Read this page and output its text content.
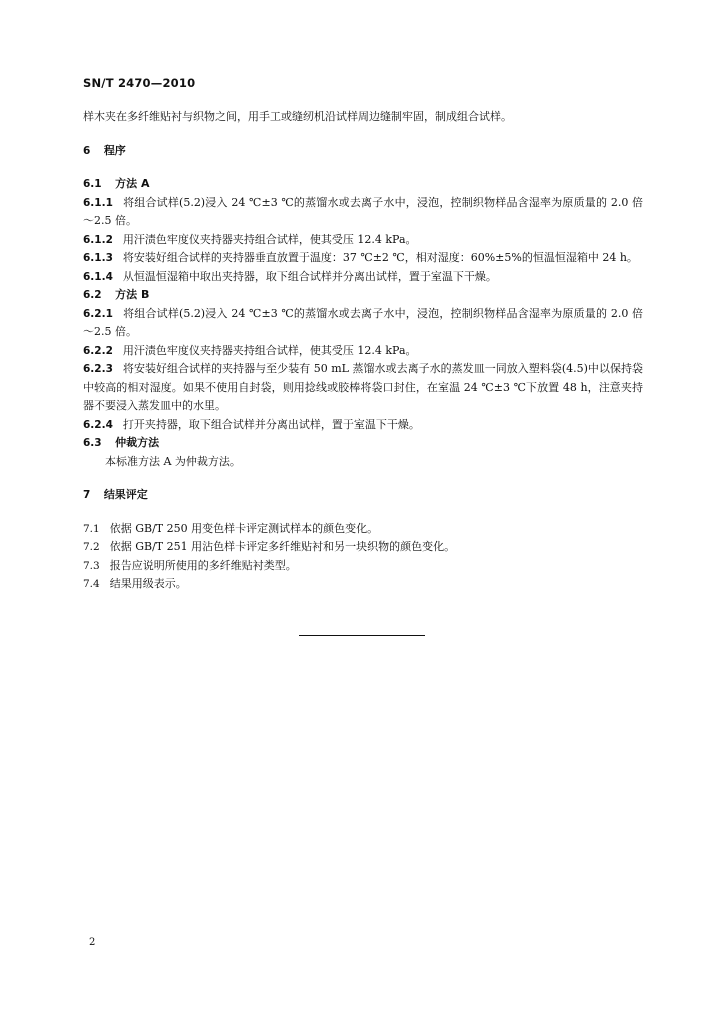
SN/T 2470—2010

样木夹在多纤维贴衬与织物之间，用手工或缝纫机沿试样周边缝制牢固，制成组合试样。

6 程序

6.1 方法 A

6.1.1 将组合试样(5.2)浸入 24 ℃±3 ℃的蒸馏水或去离子水中，浸泡，控制织物样品含湿率为原质量的 2.0 倍～2.5 倍。

6.1.2 用汗渍色牢度仪夹持器夹持组合试样，使其受压 12.4 kPa。

6.1.3 将安装好组合试样的夹持器垂直放置于温度：37 ℃±2 ℃，相对湿度：60%±5%的恒温恒湿箱中 24 h。

6.1.4 从恒温恒湿箱中取出夹持器，取下组合试样并分离出试样，置于室温下干燥。

6.2 方法 B

6.2.1 将组合试样(5.2)浸入 24 ℃±3 ℃的蒸馏水或去离子水中，浸泡，控制织物样品含湿率为原质量的 2.0 倍～2.5 倍。

6.2.2 用汗渍色牢度仪夹持器夹持组合试样，使其受压 12.4 kPa。

6.2.3 将安装好组合试样的夹持器与至少装有 50 mL 蒸馏水或去离子水的蒸发皿一同放入塑料袋(4.5)中以保持袋中较高的相对湿度。如果不使用自封袋，则用捻线或胶棒将袋口封住，在室温 24 ℃±3 ℃下放置 48 h，注意夹持器不要浸入蒸发皿中的水里。

6.2.4 打开夹持器，取下组合试样并分离出试样，置于室温下干燥。

6.3 仲裁方法

本标准方法 A 为仲裁方法。

7 结果评定

7.1 依据 GB/T 250 用变色样卡评定测试样本的颜色变化。

7.2 依据 GB/T 251 用沾色样卡评定多纤维贴衬和另一块织物的颜色变化。

7.3 报告应说明所使用的多纤维贴衬类型。

7.4 结果用级表示。

2
